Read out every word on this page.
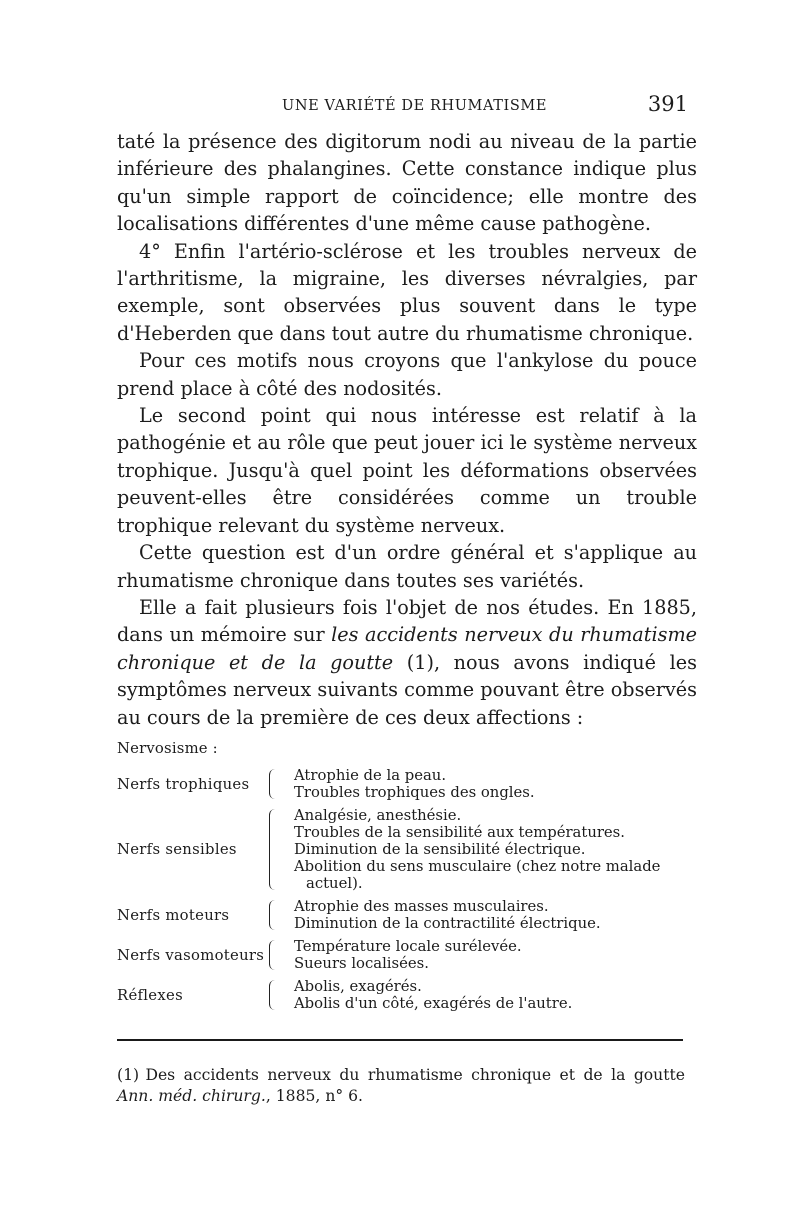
UNE VARIÉTÉ DE RHUMATISME	391

taté la présence des digitorum nodi au niveau de la partie inférieure des phalangines. Cette constance indique plus qu'un simple rapport de coïncidence; elle montre des localisations différentes d'une même cause pathogène.

4° Enfin l'artério-sclérose et les troubles nerveux de l'arthritisme, la migraine, les diverses névralgies, par exemple, sont observées plus souvent dans le type d'Heberden que dans tout autre du rhumatisme chronique.

Pour ces motifs nous croyons que l'ankylose du pouce prend place à côté des nodosités.

Le second point qui nous intéresse est relatif à la pathogénie et au rôle que peut jouer ici le système nerveux trophique. Jusqu'à quel point les déformations observées peuvent-elles être considérées comme un trouble trophique relevant du système nerveux.

Cette question est d'un ordre général et s'applique au rhumatisme chronique dans toutes ses variétés.

Elle a fait plusieurs fois l'objet de nos études. En 1885, dans un mémoire sur les accidents nerveux du rhumatisme chronique et de la goutte (1), nous avons indiqué les symptômes nerveux suivants comme pouvant être observés au cours de la première de ces deux affections :

Nervosisme :
Nerfs trophiques	Atrophie de la peau.
Troubles trophiques des ongles.
Nerfs sensibles
Analgésie, anesthésie.
Troubles de la sensibilité aux températures.
Diminution de la sensibilité électrique.
Abolition du sens musculaire (chez notre malade
actuel).
Nerfs moteurs	Atrophie des masses musculaires.
Diminution de la contractilité électrique.
Nerfs vasomoteurs	Température locale surélevée.
Sueurs localisées.
Réflexes	Abolis, exagérés.
Abolis d'un côté, exagérés de l'autre.

(1) Des accidents nerveux du rhumatisme chronique et de la goutte Ann. méd. chirurg., 1885, n° 6.
